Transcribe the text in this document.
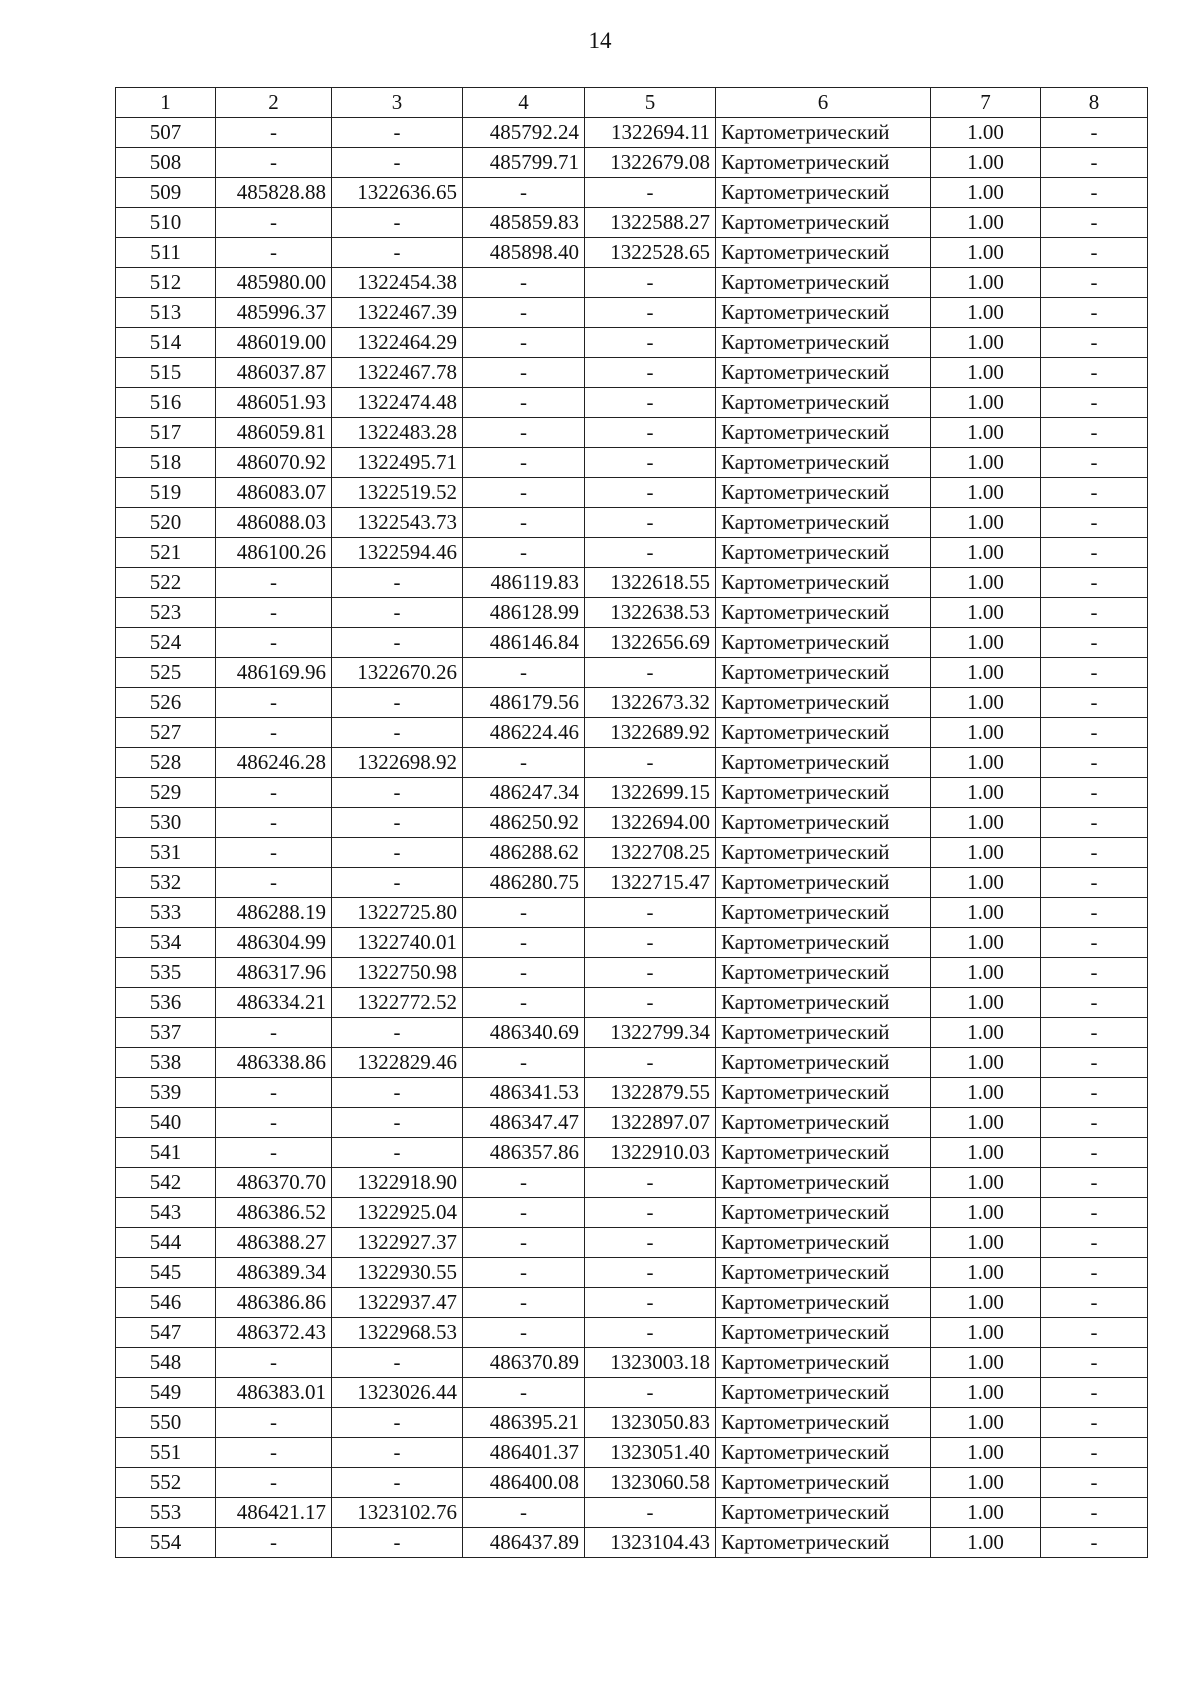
14
1	2	3	4	5	6	7	8
507	-	-	485792.24	1322694.11	Картометрический	1.00	-
508	-	-	485799.71	1322679.08	Картометрический	1.00	-
509	485828.88	1322636.65	-	-	Картометрический	1.00	-
510	-	-	485859.83	1322588.27	Картометрический	1.00	-
511	-	-	485898.40	1322528.65	Картометрический	1.00	-
512	485980.00	1322454.38	-	-	Картометрический	1.00	-
513	485996.37	1322467.39	-	-	Картометрический	1.00	-
514	486019.00	1322464.29	-	-	Картометрический	1.00	-
515	486037.87	1322467.78	-	-	Картометрический	1.00	-
516	486051.93	1322474.48	-	-	Картометрический	1.00	-
517	486059.81	1322483.28	-	-	Картометрический	1.00	-
518	486070.92	1322495.71	-	-	Картометрический	1.00	-
519	486083.07	1322519.52	-	-	Картометрический	1.00	-
520	486088.03	1322543.73	-	-	Картометрический	1.00	-
521	486100.26	1322594.46	-	-	Картометрический	1.00	-
522	-	-	486119.83	1322618.55	Картометрический	1.00	-
523	-	-	486128.99	1322638.53	Картометрический	1.00	-
524	-	-	486146.84	1322656.69	Картометрический	1.00	-
525	486169.96	1322670.26	-	-	Картометрический	1.00	-
526	-	-	486179.56	1322673.32	Картометрический	1.00	-
527	-	-	486224.46	1322689.92	Картометрический	1.00	-
528	486246.28	1322698.92	-	-	Картометрический	1.00	-
529	-	-	486247.34	1322699.15	Картометрический	1.00	-
530	-	-	486250.92	1322694.00	Картометрический	1.00	-
531	-	-	486288.62	1322708.25	Картометрический	1.00	-
532	-	-	486280.75	1322715.47	Картометрический	1.00	-
533	486288.19	1322725.80	-	-	Картометрический	1.00	-
534	486304.99	1322740.01	-	-	Картометрический	1.00	-
535	486317.96	1322750.98	-	-	Картометрический	1.00	-
536	486334.21	1322772.52	-	-	Картометрический	1.00	-
537	-	-	486340.69	1322799.34	Картометрический	1.00	-
538	486338.86	1322829.46	-	-	Картометрический	1.00	-
539	-	-	486341.53	1322879.55	Картометрический	1.00	-
540	-	-	486347.47	1322897.07	Картометрический	1.00	-
541	-	-	486357.86	1322910.03	Картометрический	1.00	-
542	486370.70	1322918.90	-	-	Картометрический	1.00	-
543	486386.52	1322925.04	-	-	Картометрический	1.00	-
544	486388.27	1322927.37	-	-	Картометрический	1.00	-
545	486389.34	1322930.55	-	-	Картометрический	1.00	-
546	486386.86	1322937.47	-	-	Картометрический	1.00	-
547	486372.43	1322968.53	-	-	Картометрический	1.00	-
548	-	-	486370.89	1323003.18	Картометрический	1.00	-
549	486383.01	1323026.44	-	-	Картометрический	1.00	-
550	-	-	486395.21	1323050.83	Картометрический	1.00	-
551	-	-	486401.37	1323051.40	Картометрический	1.00	-
552	-	-	486400.08	1323060.58	Картометрический	1.00	-
553	486421.17	1323102.76	-	-	Картометрический	1.00	-
554	-	-	486437.89	1323104.43	Картометрический	1.00	-
